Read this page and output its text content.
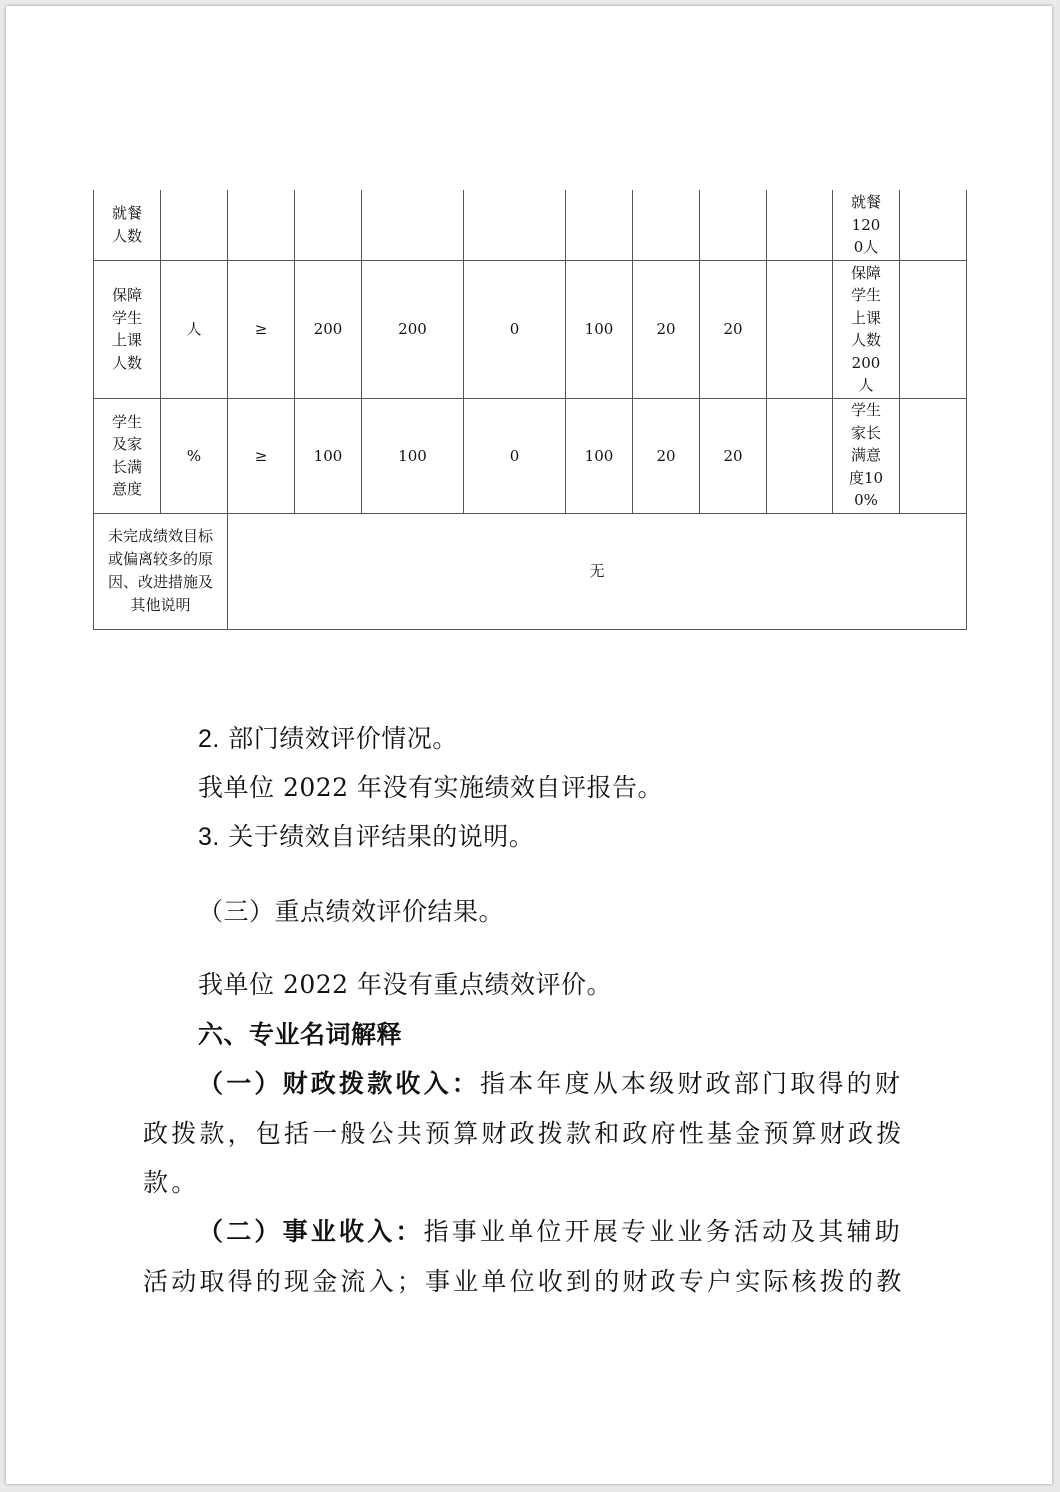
就餐人数										就餐1200人	
保障学生上课人数	人	≥	200	200	0	100	20	20		保障学生上课人数200人	
学生及家长满意度	%	≥	100	100	0	100	20	20		学生家长满意度100%	
未完成绩效目标或偏离较多的原因、改进措施及其他说明		无									
2. 部门绩效评价情况。
我单位 2022 年没有实施绩效自评报告。
3. 关于绩效自评结果的说明。
（三）重点绩效评价结果。
我单位 2022 年没有重点绩效评价。
六、专业名词解释
（一）财政拨款收入：指本年度从本级财政部门取得的财
政拨款，包括一般公共预算财政拨款和政府性基金预算财政拨
款。
（二）事业收入：指事业单位开展专业业务活动及其辅助
活动取得的现金流入；事业单位收到的财政专户实际核拨的教
